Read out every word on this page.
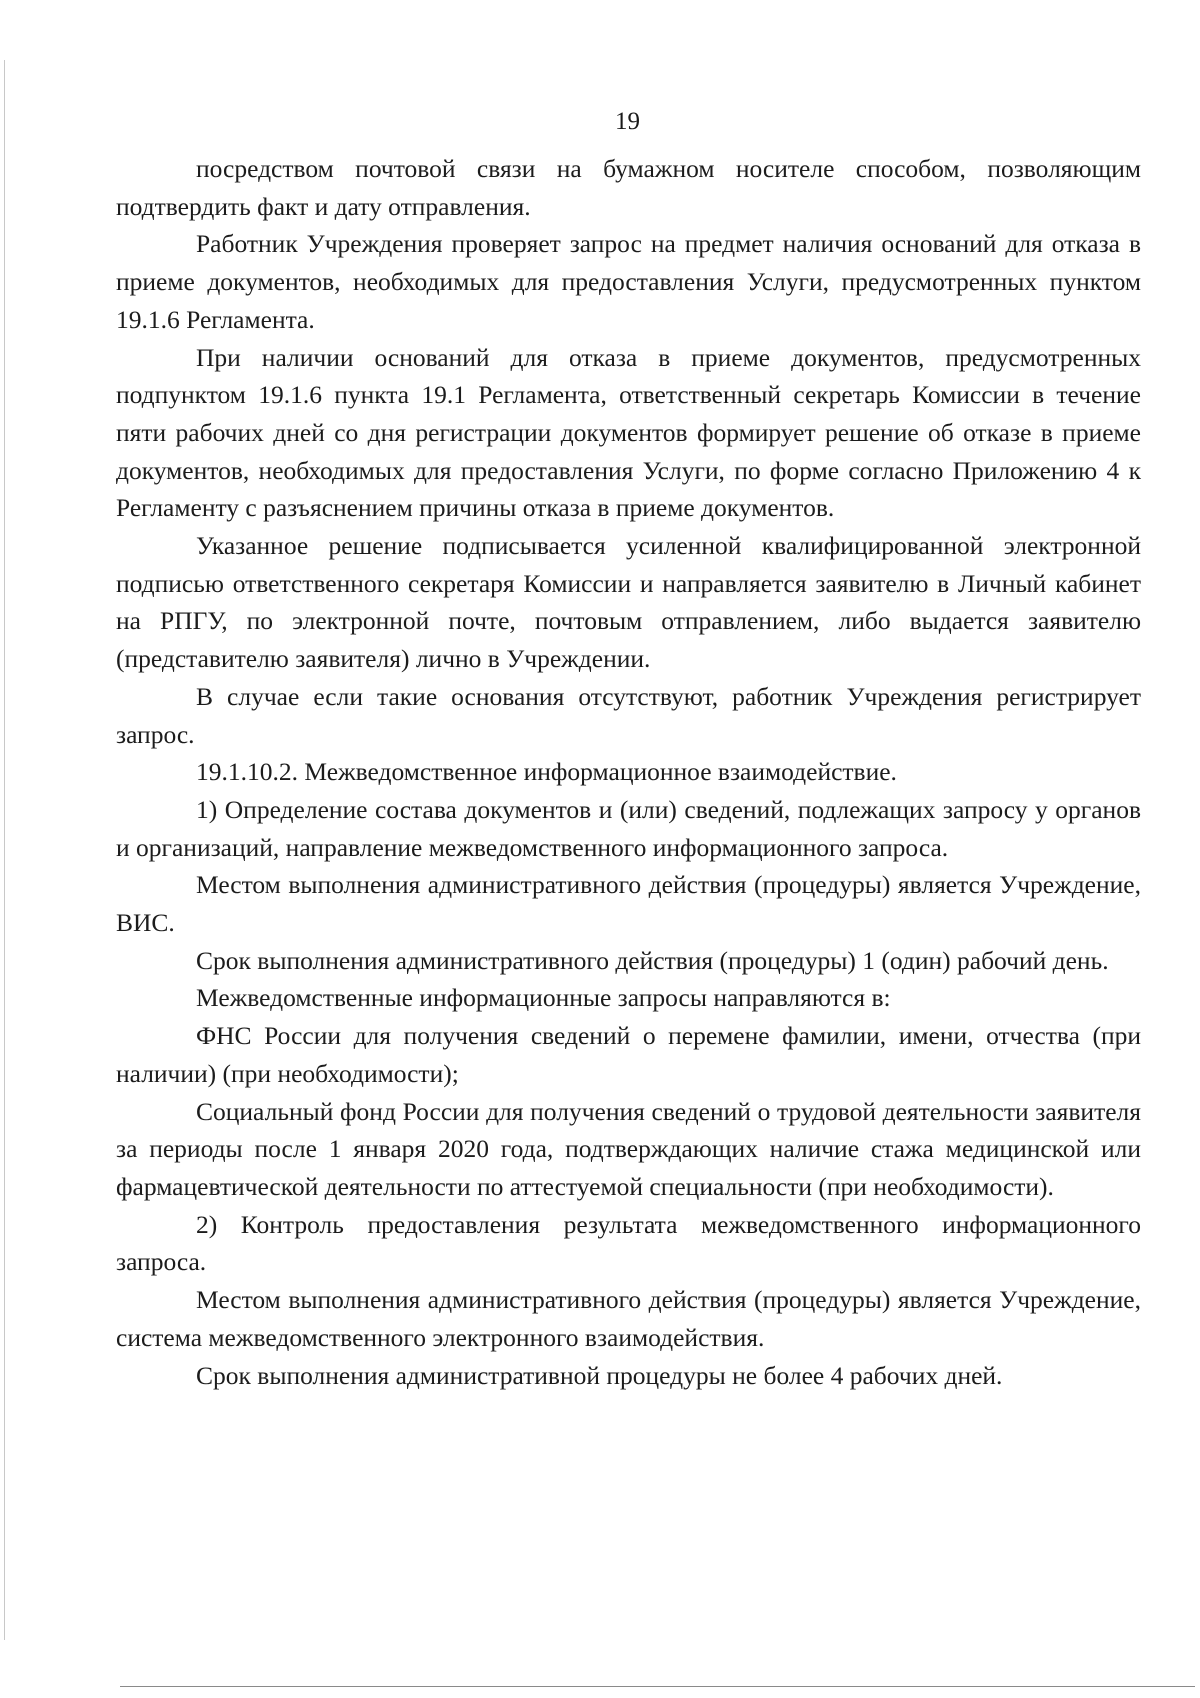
19

посредством почтовой связи на бумажном носителе способом, позволяющим подтвердить факт и дату отправления.

Работник Учреждения проверяет запрос на предмет наличия оснований для отказа в приеме документов, необходимых для предоставления Услуги, предусмотренных пунктом 19.1.6 Регламента.

При наличии оснований для отказа в приеме документов, предусмотренных подпунктом 19.1.6 пункта 19.1 Регламента, ответственный секретарь Комиссии в течение пяти рабочих дней со дня регистрации документов формирует решение об отказе в приеме документов, необходимых для предоставления Услуги, по форме согласно Приложению 4 к Регламенту с разъяснением причины отказа в приеме документов.

Указанное решение подписывается усиленной квалифицированной электронной подписью ответственного секретаря Комиссии и направляется заявителю в Личный кабинет на РПГУ, по электронной почте, почтовым отправлением, либо выдается заявителю (представителю заявителя) лично в Учреждении.

В случае если такие основания отсутствуют, работник Учреждения регистрирует запрос.

19.1.10.2. Межведомственное информационное взаимодействие.

1) Определение состава документов и (или) сведений, подлежащих запросу у органов и организаций, направление межведомственного информационного запроса.

Местом выполнения административного действия (процедуры) является Учреждение, ВИС.

Срок выполнения административного действия (процедуры) 1 (один) рабочий день.

Межведомственные информационные запросы направляются в:

ФНС России для получения сведений о перемене фамилии, имени, отчества (при наличии) (при необходимости);

Социальный фонд России для получения сведений о трудовой деятельности заявителя за периоды после 1 января 2020 года, подтверждающих наличие стажа медицинской или фармацевтической деятельности по аттестуемой специальности (при необходимости).

2) Контроль предоставления результата межведомственного информационного запроса.

Местом выполнения административного действия (процедуры) является Учреждение, система межведомственного электронного взаимодействия.

Срок выполнения административной процедуры не более 4 рабочих дней.
